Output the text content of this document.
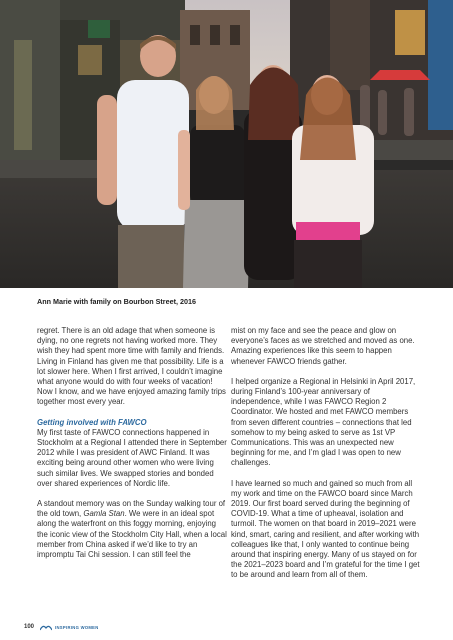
Ann Marie with family on Bourbon Street, 2016

regret. There is an old adage that when someone is dying, no one regrets not having worked more. They wish they had spent more time with family and friends. Living in Finland has given me that possibility. Life is a lot slower here. When I first arrived, I couldn’t imagine what anyone would do with four weeks of vacation! Now I know, and we have enjoyed amazing family trips together most every year.

Getting involved with FAWCO

My first taste of FAWCO connections happened in Stockholm at a Regional I attended there in September 2012 while I was president of AWC Finland. It was exciting being around other women who were living such similar lives. We swapped stories and bonded over shared experiences of Nordic life.

A standout memory was on the Sunday walking tour of the old town, Gamla Stan. We were in an ideal spot along the waterfront on this foggy morning, enjoying the iconic view of the Stockholm City Hall, when a local member from China asked if we’d like to try an impromptu Tai Chi session. I can still feel the

mist on my face and see the peace and glow on everyone’s faces as we stretched and moved as one. Amazing experiences like this seem to happen whenever FAWCO friends gather.

I helped organize a Regional in Helsinki in April 2017, during Finland’s 100-year anniversary of independence, while I was FAWCO Region 2 Coordinator. We hosted and met FAWCO members from seven different countries – connections that led somehow to my being asked to serve as 1st VP Communications. This was an unexpected new beginning for me, and I’m glad I was open to new challenges.

I have learned so much and gained so much from all my work and time on the FAWCO board since March 2019. Our first board served during the beginning of COVID-19. What a time of upheaval, isolation and turmoil. The women on that board in 2019–2021 were kind, smart, caring and resilient, and after working with colleagues like that, I only wanted to continue being around that inspiring energy. Many of us stayed on for the 2021–2023 board and I’m grateful for the time I get to be around and learn from all of them.

100	INSPIRING WOMEN
